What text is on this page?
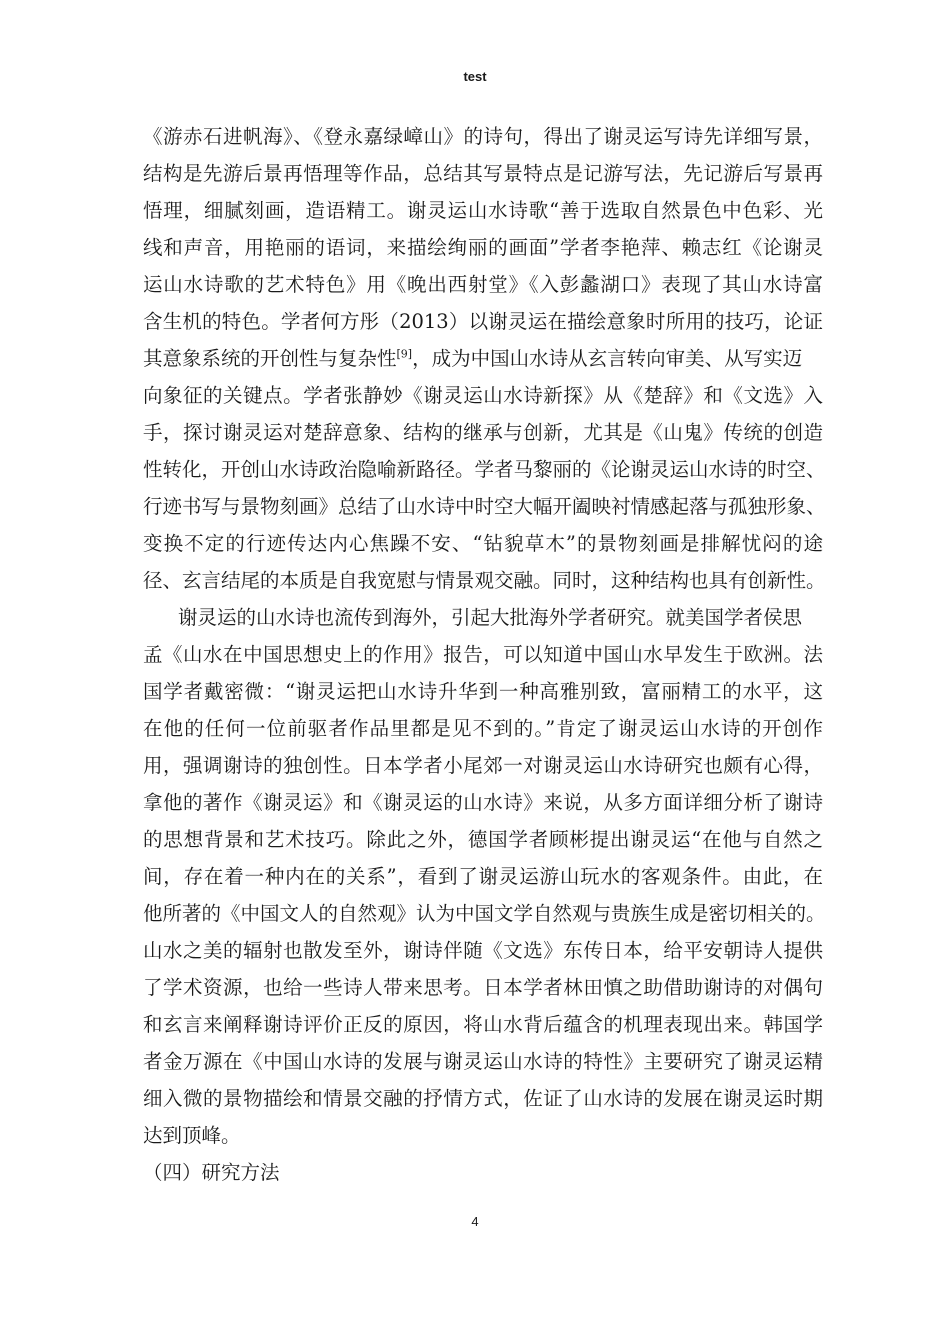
test
《游赤石进帆海》、《登永嘉绿嶂山》的诗句，得出了谢灵运写诗先详细写景，
结构是先游后景再悟理等作品，总结其写景特点是记游写法，先记游后写景再
悟理，细腻刻画，造语精工。谢灵运山水诗歌“善于选取自然景色中色彩、光
线和声音，用艳丽的语词，来描绘绚丽的画面”学者李艳萍、赖志红《论谢灵
运山水诗歌的艺术特色》用《晚出西射堂》《入彭蠡湖口》表现了其山水诗富
含生机的特色。学者何方彤（2013）以谢灵运在描绘意象时所用的技巧，论证
其意象系统的开创性与复杂性[9]，成为中国山水诗从玄言转向审美、从写实迈
向象征的关键点。学者张静妙《谢灵运山水诗新探》从《楚辞》和《文选》入
手，探讨谢灵运对楚辞意象、结构的继承与创新，尤其是《山鬼》传统的创造
性转化，开创山水诗政治隐喻新路径。学者马黎丽的《论谢灵运山水诗的时空、
行迹书写与景物刻画》总结了山水诗中时空大幅开阖映衬情感起落与孤独形象、
变换不定的行迹传达内心焦躁不安、“钻貌草木”的景物刻画是排解忧闷的途
径、玄言结尾的本质是自我宽慰与情景观交融。同时，这种结构也具有创新性。
谢灵运的山水诗也流传到海外，引起大批海外学者研究。就美国学者侯思
孟《山水在中国思想史上的作用》报告，可以知道中国山水早发生于欧洲。法
国学者戴密微：“谢灵运把山水诗升华到一种高雅别致，富丽精工的水平，这
在他的任何一位前驱者作品里都是见不到的。”肯定了谢灵运山水诗的开创作
用，强调谢诗的独创性。日本学者小尾郊一对谢灵运山水诗研究也颇有心得，
拿他的著作《谢灵运》和《谢灵运的山水诗》来说，从多方面详细分析了谢诗
的思想背景和艺术技巧。除此之外，德国学者顾彬提出谢灵运“在他与自然之
间，存在着一种内在的关系”，看到了谢灵运游山玩水的客观条件。由此，在
他所著的《中国文人的自然观》认为中国文学自然观与贵族生成是密切相关的。
山水之美的辐射也散发至外，谢诗伴随《文选》东传日本，给平安朝诗人提供
了学术资源，也给一些诗人带来思考。日本学者林田慎之助借助谢诗的对偶句
和玄言来阐释谢诗评价正反的原因，将山水背后蕴含的机理表现出来。韩国学
者金万源在《中国山水诗的发展与谢灵运山水诗的特性》主要研究了谢灵运精
细入微的景物描绘和情景交融的抒情方式，佐证了山水诗的发展在谢灵运时期
达到顶峰。
（四）研究方法
4
